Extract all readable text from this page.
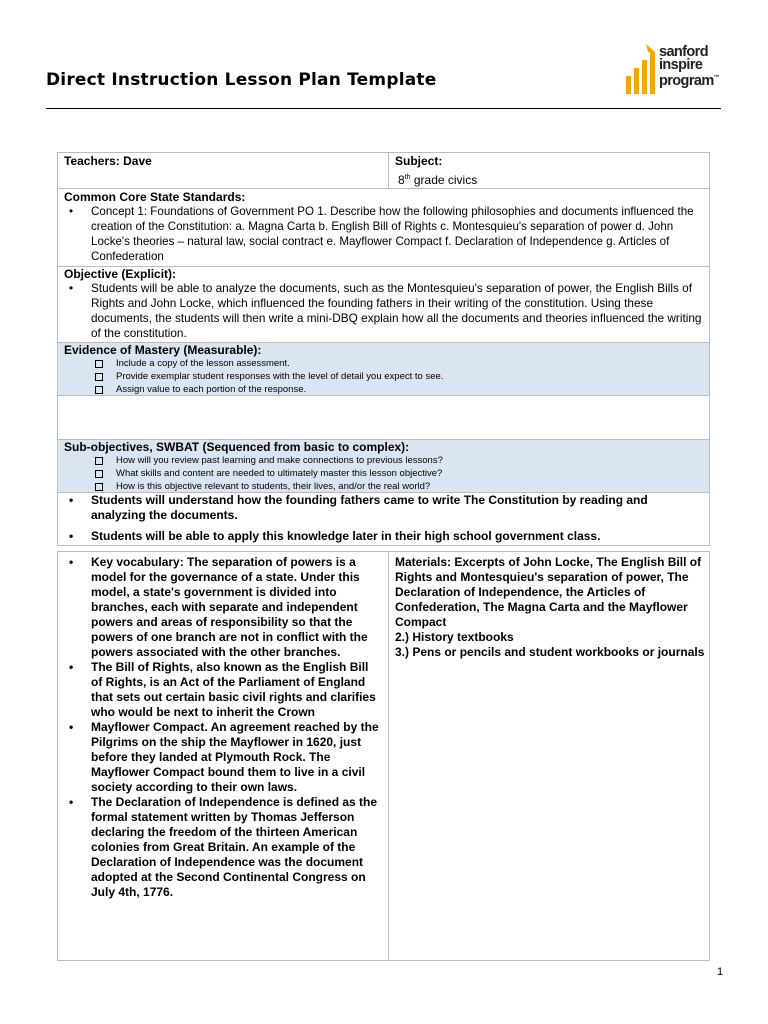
Direct Instruction Lesson Plan Template
sanford
inspire
program™
Teachers: Dave	Subject:
8th grade civics
Common Core State Standards:
• Concept 1: Foundations of Government PO 1. Describe how the following philosophies and documents influenced the creation of the Constitution: a. Magna Carta b. English Bill of Rights c. Montesquieu's separation of power d. John Locke's theories – natural law, social contract e. Mayflower Compact f. Declaration of Independence g. Articles of Confederation
Objective (Explicit):
• Students will be able to analyze the documents, such as the Montesquieu's separation of power, the English Bills of Rights and John Locke, which influenced the founding fathers in their writing of the constitution. Using these documents, the students will then write a mini-DBQ explain how all the documents and theories influenced the writing of the constitution.
Evidence of Mastery (Measurable):
Include a copy of the lesson assessment.
Provide exemplar student responses with the level of detail you expect to see.
Assign value to each portion of the response.
Sub-objectives, SWBAT (Sequenced from basic to complex):
How will you review past learning and make connections to previous lessons?
What skills and content are needed to ultimately master this lesson objective?
How is this objective relevant to students, their lives, and/or the real world?
• Students will understand how the founding fathers came to write The Constitution by reading and analyzing the documents.
• Students will be able to apply this knowledge later in their high school government class.
• Key vocabulary: The separation of powers is a model for the governance of a state. Under this model, a state's government is divided into branches, each with separate and independent powers and areas of responsibility so that the powers of one branch are not in conflict with the powers associated with the other branches.
• The Bill of Rights, also known as the English Bill of Rights, is an Act of the Parliament of England that sets out certain basic civil rights and clarifies who would be next to inherit the Crown
• Mayflower Compact. An agreement reached by the Pilgrims on the ship the Mayflower in 1620, just before they landed at Plymouth Rock. The Mayflower Compact bound them to live in a civil society according to their own laws.
• The Declaration of Independence is defined as the formal statement written by Thomas Jefferson declaring the freedom of the thirteen American colonies from Great Britain. An example of the Declaration of Independence was the document adopted at the Second Continental Congress on July 4th, 1776.
Materials: Excerpts of John Locke, The English Bill of Rights and Montesquieu's separation of power, The Declaration of Independence, the Articles of Confederation, The Magna Carta and the Mayflower Compact
2.) History textbooks
3.) Pens or pencils and student workbooks or journals
1
